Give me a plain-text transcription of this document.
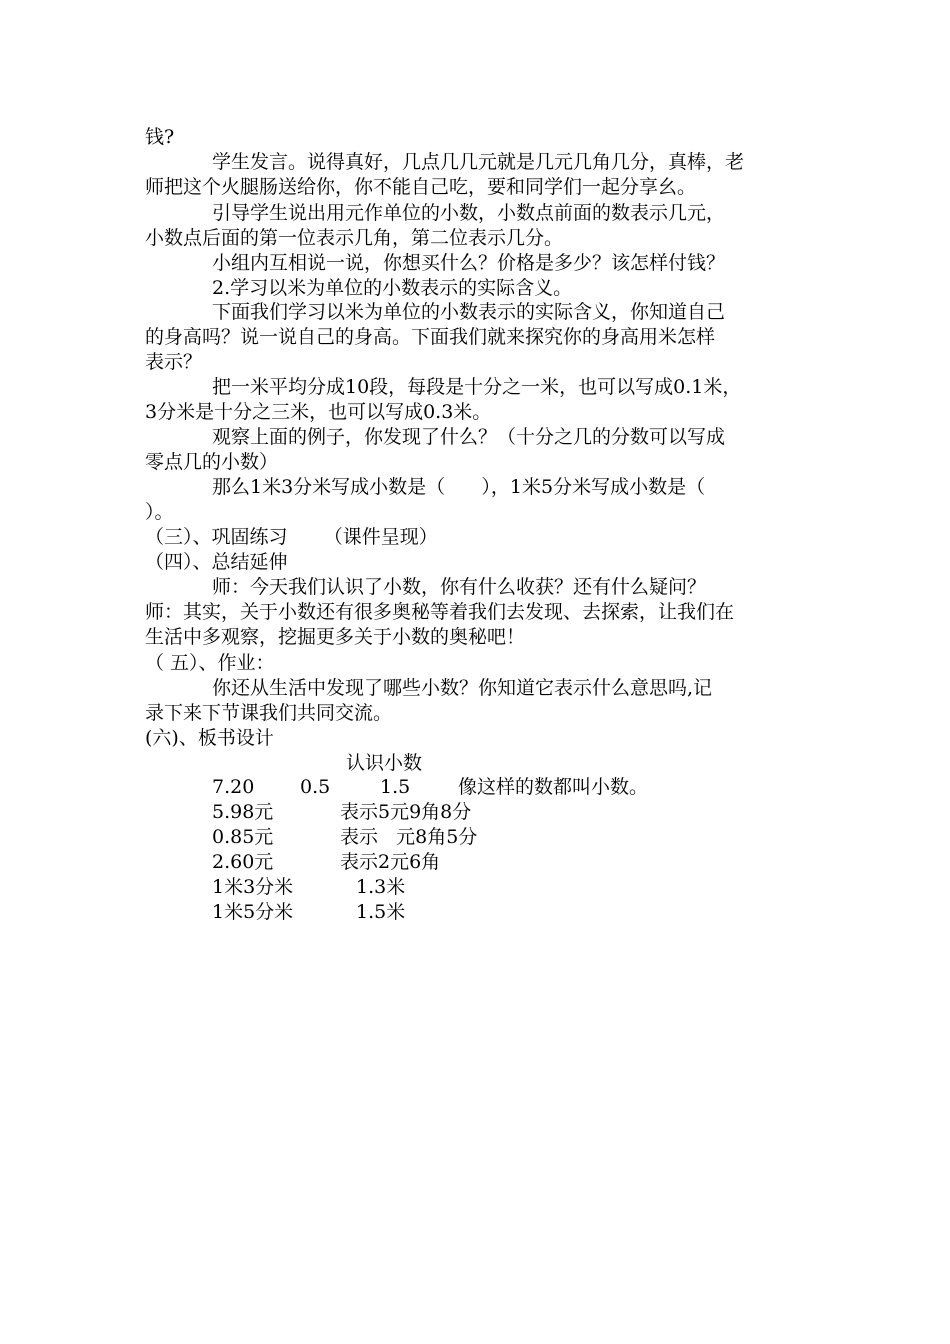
钱?
学生发言。说得真好，几点几几元就是几元几角几分，真棒，老
师把这个火腿肠送给你，你不能自己吃，要和同学们一起分享幺。
引导学生说出用元作单位的小数，小数点前面的数表示几元，
小数点后面的第一位表示几角，第二位表示几分。
小组内互相说一说，你想买什么？价格是多少？该怎样付钱？
2.学习以米为单位的小数表示的实际含义。
下面我们学习以米为单位的小数表示的实际含义，你知道自己
的身高吗？说一说自己的身高。下面我们就来探究你的身高用米怎样
表示？
把一米平均分成10段，每段是十分之一米，也可以写成0.1米，
3分米是十分之三米，也可以写成0.3米。
观察上面的例子，你发现了什么？（十分之几的分数可以写成
零点几的小数）
那么1米3分米写成小数是（      ），1米5分米写成小数是（
）。
（三）、巩固练习      （课件呈现）
（四）、总结延伸
师：今天我们认识了小数，你有什么收获？还有什么疑问？
师：其实，关于小数还有很多奥秘等着我们去发现、去探索，让我们在
生活中多观察，挖掘更多关于小数的奥秘吧！
（ 五）、作业：
你还从生活中发现了哪些小数？你知道它表示什么意思吗,记
录下来下节课我们共同交流。
(六)、板书设计
认识小数
7.20 0.5	1.5	像这样的数都叫小数。
5.98元	表示5元9角8分
0.85元	表示   元8角5分
2.60元	表示2元6角
1米3分米	1.3米
1米5分米	1.5米
